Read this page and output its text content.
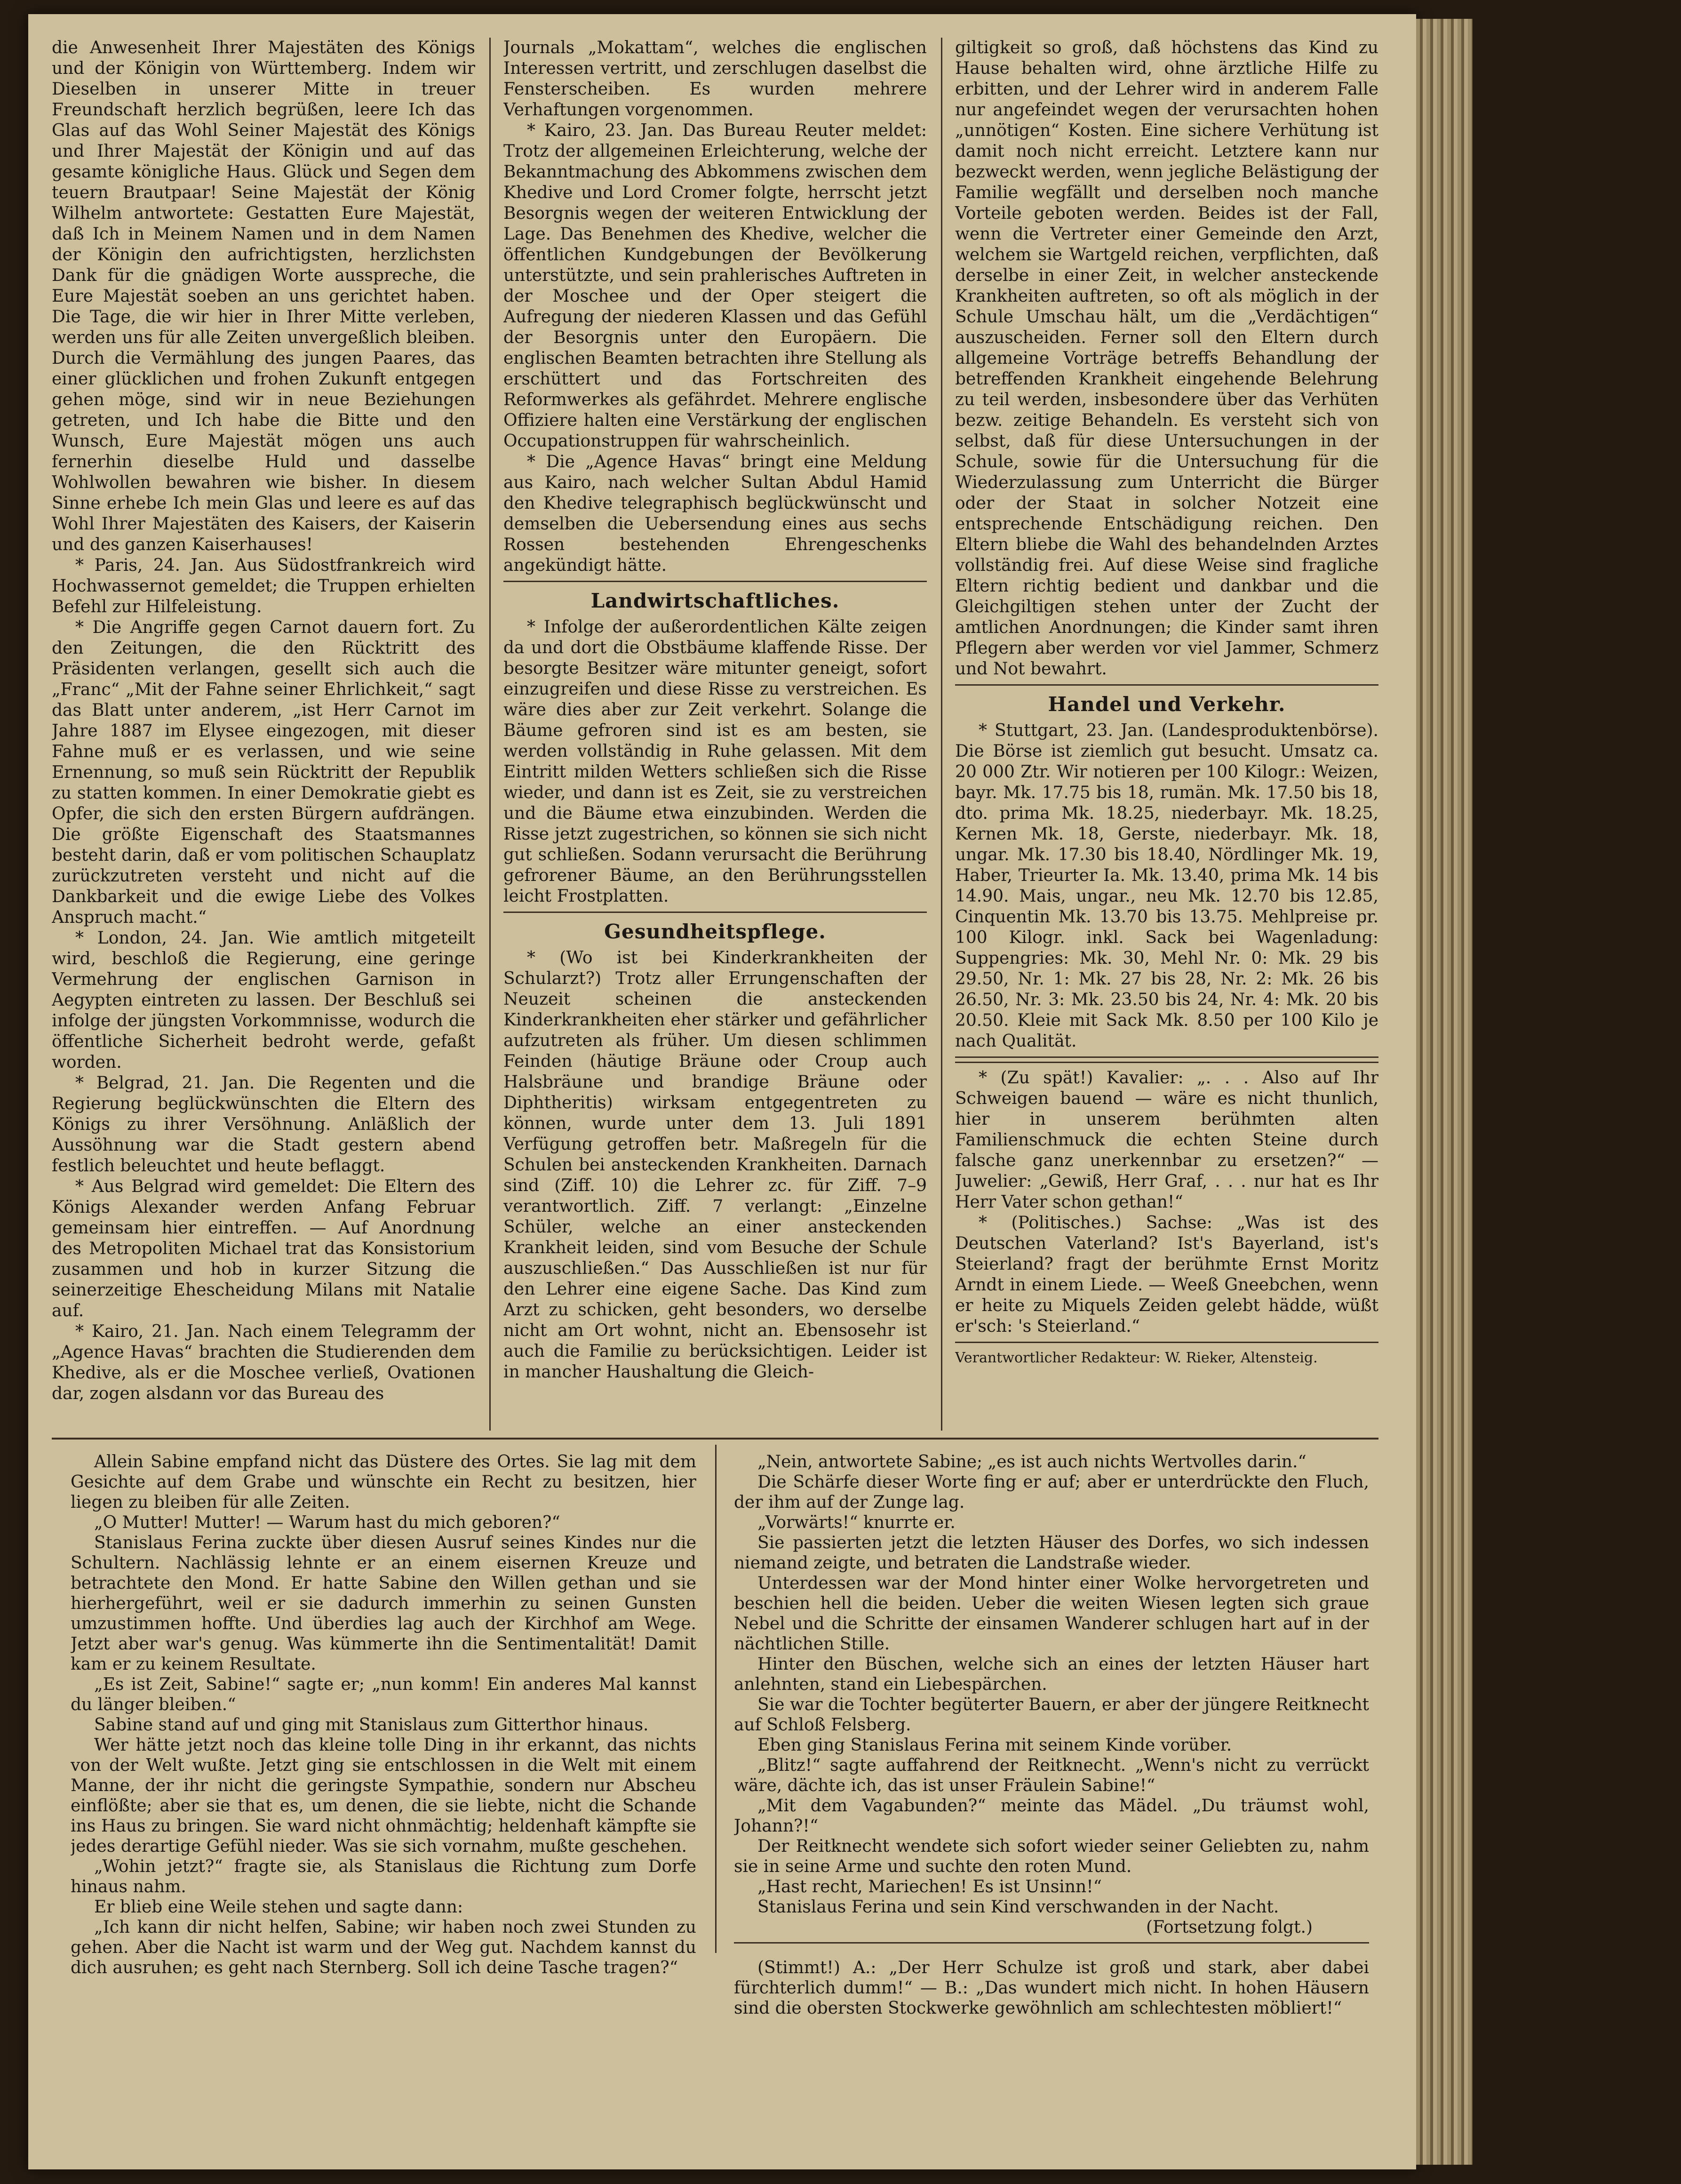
die Anwesenheit Ihrer Majestäten des Königs und der Königin von Württemberg. Indem wir Dieselben in unserer Mitte in treuer Freundschaft herzlich begrüßen, leere Ich das Glas auf das Wohl Seiner Majestät des Königs und Ihrer Majestät der Königin und auf das gesamte königliche Haus. Glück und Segen dem teuern Brautpaar! Seine Majestät der König Wilhelm antwortete: Gestatten Eure Majestät, daß Ich in Meinem Namen und in dem Namen der Königin den aufrichtigsten, herzlichsten Dank für die gnädigen Worte ausspreche, die Eure Majestät soeben an uns gerichtet haben. Die Tage, die wir hier in Ihrer Mitte verleben, werden uns für alle Zeiten unvergeßlich bleiben. Durch die Vermählung des jungen Paares, das einer glücklichen und frohen Zukunft entgegen gehen möge, sind wir in neue Beziehungen getreten, und Ich habe die Bitte und den Wunsch, Eure Majestät mögen uns auch fernerhin dieselbe Huld und dasselbe Wohlwollen bewahren wie bisher. In diesem Sinne erhebe Ich mein Glas und leere es auf das Wohl Ihrer Majestäten des Kaisers, der Kaiserin und des ganzen Kaiserhauses!

* Paris, 24. Jan. Aus Südostfrankreich wird Hochwassernot gemeldet; die Truppen erhielten Befehl zur Hilfeleistung.

* Die Angriffe gegen Carnot dauern fort. Zu den Zeitungen, die den Rücktritt des Präsidenten verlangen, gesellt sich auch die „Franc“ „Mit der Fahne seiner Ehrlichkeit,“ sagt das Blatt unter anderem, „ist Herr Carnot im Jahre 1887 im Elysee eingezogen, mit dieser Fahne muß er es verlassen, und wie seine Ernennung, so muß sein Rücktritt der Republik zu statten kommen. In einer Demokratie giebt es Opfer, die sich den ersten Bürgern aufdrängen. Die größte Eigenschaft des Staatsmannes besteht darin, daß er vom politischen Schauplatz zurückzutreten versteht und nicht auf die Dankbarkeit und die ewige Liebe des Volkes Anspruch macht.“

* London, 24. Jan. Wie amtlich mitgeteilt wird, beschloß die Regierung, eine geringe Vermehrung der englischen Garnison in Aegypten eintreten zu lassen. Der Beschluß sei infolge der jüngsten Vorkommnisse, wodurch die öffentliche Sicherheit bedroht werde, gefaßt worden.

* Belgrad, 21. Jan. Die Regenten und die Regierung beglückwünschten die Eltern des Königs zu ihrer Versöhnung. Anläßlich der Aussöhnung war die Stadt gestern abend festlich beleuchtet und heute beflaggt.

* Aus Belgrad wird gemeldet: Die Eltern des Königs Alexander werden Anfang Februar gemeinsam hier eintreffen. — Auf Anordnung des Metropoliten Michael trat das Konsistorium zusammen und hob in kurzer Sitzung die seinerzeitige Ehescheidung Milans mit Natalie auf.

* Kairo, 21. Jan. Nach einem Telegramm der „Agence Havas“ brachten die Studierenden dem Khedive, als er die Moschee verließ, Ovationen dar, zogen alsdann vor das Bureau des

Journals „Mokattam“, welches die englischen Interessen vertritt, und zerschlugen daselbst die Fensterscheiben. Es wurden mehrere Verhaftungen vorgenommen.

* Kairo, 23. Jan. Das Bureau Reuter meldet: Trotz der allgemeinen Erleichterung, welche der Bekanntmachung des Abkommens zwischen dem Khedive und Lord Cromer folgte, herrscht jetzt Besorgnis wegen der weiteren Entwicklung der Lage. Das Benehmen des Khedive, welcher die öffentlichen Kundgebungen der Bevölkerung unterstützte, und sein prahlerisches Auftreten in der Moschee und der Oper steigert die Aufregung der niederen Klassen und das Gefühl der Besorgnis unter den Europäern. Die englischen Beamten betrachten ihre Stellung als erschüttert und das Fortschreiten des Reformwerkes als gefährdet. Mehrere englische Offiziere halten eine Verstärkung der englischen Occupationstruppen für wahrscheinlich.

* Die „Agence Havas“ bringt eine Meldung aus Kairo, nach welcher Sultan Abdul Hamid den Khedive telegraphisch beglückwünscht und demselben die Uebersendung eines aus sechs Rossen bestehenden Ehrengeschenks angekündigt hätte.

Landwirtschaftliches.

* Infolge der außerordentlichen Kälte zeigen da und dort die Obstbäume klaffende Risse. Der besorgte Besitzer wäre mitunter geneigt, sofort einzugreifen und diese Risse zu verstreichen. Es wäre dies aber zur Zeit verkehrt. Solange die Bäume gefroren sind ist es am besten, sie werden vollständig in Ruhe gelassen. Mit dem Eintritt milden Wetters schließen sich die Risse wieder, und dann ist es Zeit, sie zu verstreichen und die Bäume etwa einzubinden. Werden die Risse jetzt zugestrichen, so können sie sich nicht gut schließen. Sodann verursacht die Berührung gefrorener Bäume, an den Berührungsstellen leicht Frostplatten.

Gesundheitspflege.

* (Wo ist bei Kinderkrankheiten der Schularzt?) Trotz aller Errungenschaften der Neuzeit scheinen die ansteckenden Kinderkrankheiten eher stärker und gefährlicher aufzutreten als früher. Um diesen schlimmen Feinden (häutige Bräune oder Croup auch Halsbräune und brandige Bräune oder Diphtheritis) wirksam entgegentreten zu können, wurde unter dem 13. Juli 1891 Verfügung getroffen betr. Maßregeln für die Schulen bei ansteckenden Krankheiten. Darnach sind (Ziff. 10) die Lehrer zc. für Ziff. 7–9 verantwortlich. Ziff. 7 verlangt: „Einzelne Schüler, welche an einer ansteckenden Krankheit leiden, sind vom Besuche der Schule auszuschließen.“ Das Ausschließen ist nur für den Lehrer eine eigene Sache. Das Kind zum Arzt zu schicken, geht besonders, wo derselbe nicht am Ort wohnt, nicht an. Ebensosehr ist auch die Familie zu berücksichtigen. Leider ist in mancher Haushaltung die Gleich-

giltigkeit so groß, daß höchstens das Kind zu Hause behalten wird, ohne ärztliche Hilfe zu erbitten, und der Lehrer wird in anderem Falle nur angefeindet wegen der verursachten hohen „unnötigen“ Kosten. Eine sichere Verhütung ist damit noch nicht erreicht. Letztere kann nur bezweckt werden, wenn jegliche Belästigung der Familie wegfällt und derselben noch manche Vorteile geboten werden. Beides ist der Fall, wenn die Vertreter einer Gemeinde den Arzt, welchem sie Wartgeld reichen, verpflichten, daß derselbe in einer Zeit, in welcher ansteckende Krankheiten auftreten, so oft als möglich in der Schule Umschau hält, um die „Verdächtigen“ auszuscheiden. Ferner soll den Eltern durch allgemeine Vorträge betreffs Behandlung der betreffenden Krankheit eingehende Belehrung zu teil werden, insbesondere über das Verhüten bezw. zeitige Behandeln. Es versteht sich von selbst, daß für diese Untersuchungen in der Schule, sowie für die Untersuchung für die Wiederzulassung zum Unterricht die Bürger oder der Staat in solcher Notzeit eine entsprechende Entschädigung reichen. Den Eltern bliebe die Wahl des behandelnden Arztes vollständig frei. Auf diese Weise sind fragliche Eltern richtig bedient und dankbar und die Gleichgiltigen stehen unter der Zucht der amtlichen Anordnungen; die Kinder samt ihren Pflegern aber werden vor viel Jammer, Schmerz und Not bewahrt.

Handel und Verkehr.

* Stuttgart, 23. Jan. (Landesproduktenbörse). Die Börse ist ziemlich gut besucht. Umsatz ca. 20 000 Ztr. Wir notieren per 100 Kilogr.: Weizen, bayr. Mk. 17.75 bis 18, rumän. Mk. 17.50 bis 18, dto. prima Mk. 18.25, niederbayr. Mk. 18.25, Kernen Mk. 18, Gerste, niederbayr. Mk. 18, ungar. Mk. 17.30 bis 18.40, Nördlinger Mk. 19, Haber, Trieurter Ia. Mk. 13.40, prima Mk. 14 bis 14.90. Mais, ungar., neu Mk. 12.70 bis 12.85, Cinquentin Mk. 13.70 bis 13.75. Mehlpreise pr. 100 Kilogr. inkl. Sack bei Wagenladung: Suppengries: Mk. 30, Mehl Nr. 0: Mk. 29 bis 29.50, Nr. 1: Mk. 27 bis 28, Nr. 2: Mk. 26 bis 26.50, Nr. 3: Mk. 23.50 bis 24, Nr. 4: Mk. 20 bis 20.50. Kleie mit Sack Mk. 8.50 per 100 Kilo je nach Qualität.

* (Zu spät!) Kavalier: „. . . Also auf Ihr Schweigen bauend — wäre es nicht thunlich, hier in unserem berühmten alten Familienschmuck die echten Steine durch falsche ganz unerkennbar zu ersetzen?“ — Juwelier: „Gewiß, Herr Graf, . . . nur hat es Ihr Herr Vater schon gethan!“

* (Politisches.) Sachse: „Was ist des Deutschen Vaterland? Ist's Bayerland, ist's Steierland? fragt der berühmte Ernst Moritz Arndt in einem Liede. — Weeß Gneebchen, wenn er heite zu Miquels Zeiden gelebt hädde, wüßt er'sch: 's Steierland.“

Verantwortlicher Redakteur: W. Rieker, Altensteig.

Allein Sabine empfand nicht das Düstere des Ortes. Sie lag mit dem Gesichte auf dem Grabe und wünschte ein Recht zu besitzen, hier liegen zu bleiben für alle Zeiten.

„O Mutter! Mutter! — Warum hast du mich geboren?“

Stanislaus Ferina zuckte über diesen Ausruf seines Kindes nur die Schultern. Nachlässig lehnte er an einem eisernen Kreuze und betrachtete den Mond. Er hatte Sabine den Willen gethan und sie hierhergeführt, weil er sie dadurch immerhin zu seinen Gunsten umzustimmen hoffte. Und überdies lag auch der Kirchhof am Wege. Jetzt aber war's genug. Was kümmerte ihn die Sentimentalität! Damit kam er zu keinem Resultate.

„Es ist Zeit, Sabine!“ sagte er; „nun komm! Ein anderes Mal kannst du länger bleiben.“

Sabine stand auf und ging mit Stanislaus zum Gitterthor hinaus.

Wer hätte jetzt noch das kleine tolle Ding in ihr erkannt, das nichts von der Welt wußte. Jetzt ging sie entschlossen in die Welt mit einem Manne, der ihr nicht die geringste Sympathie, sondern nur Abscheu einflößte; aber sie that es, um denen, die sie liebte, nicht die Schande ins Haus zu bringen. Sie ward nicht ohnmächtig; heldenhaft kämpfte sie jedes derartige Gefühl nieder. Was sie sich vornahm, mußte geschehen.

„Wohin jetzt?“ fragte sie, als Stanislaus die Richtung zum Dorfe hinaus nahm.

Er blieb eine Weile stehen und sagte dann:

„Ich kann dir nicht helfen, Sabine; wir haben noch zwei Stunden zu gehen. Aber die Nacht ist warm und der Weg gut. Nachdem kannst du dich ausruhen; es geht nach Sternberg. Soll ich deine Tasche tragen?“

„Nein, antwortete Sabine; „es ist auch nichts Wertvolles darin.“

Die Schärfe dieser Worte fing er auf; aber er unterdrückte den Fluch, der ihm auf der Zunge lag.

„Vorwärts!“ knurrte er.

Sie passierten jetzt die letzten Häuser des Dorfes, wo sich indessen niemand zeigte, und betraten die Landstraße wieder.

Unterdessen war der Mond hinter einer Wolke hervorgetreten und beschien hell die beiden. Ueber die weiten Wiesen legten sich graue Nebel und die Schritte der einsamen Wanderer schlugen hart auf in der nächtlichen Stille.

Hinter den Büschen, welche sich an eines der letzten Häuser hart anlehnten, stand ein Liebespärchen.

Sie war die Tochter begüterter Bauern, er aber der jüngere Reitknecht auf Schloß Felsberg.

Eben ging Stanislaus Ferina mit seinem Kinde vorüber.

„Blitz!“ sagte auffahrend der Reitknecht. „Wenn's nicht zu verrückt wäre, dächte ich, das ist unser Fräulein Sabine!“

„Mit dem Vagabunden?“ meinte das Mädel. „Du träumst wohl, Johann?!“

Der Reitknecht wendete sich sofort wieder seiner Geliebten zu, nahm sie in seine Arme und suchte den roten Mund.

„Hast recht, Mariechen! Es ist Unsinn!“

Stanislaus Ferina und sein Kind verschwanden in der Nacht.

(Fortsetzung folgt.)

(Stimmt!) A.: „Der Herr Schulze ist groß und stark, aber dabei fürchterlich dumm!“ — B.: „Das wundert mich nicht. In hohen Häusern sind die obersten Stockwerke gewöhnlich am schlechtesten möbliert!“
